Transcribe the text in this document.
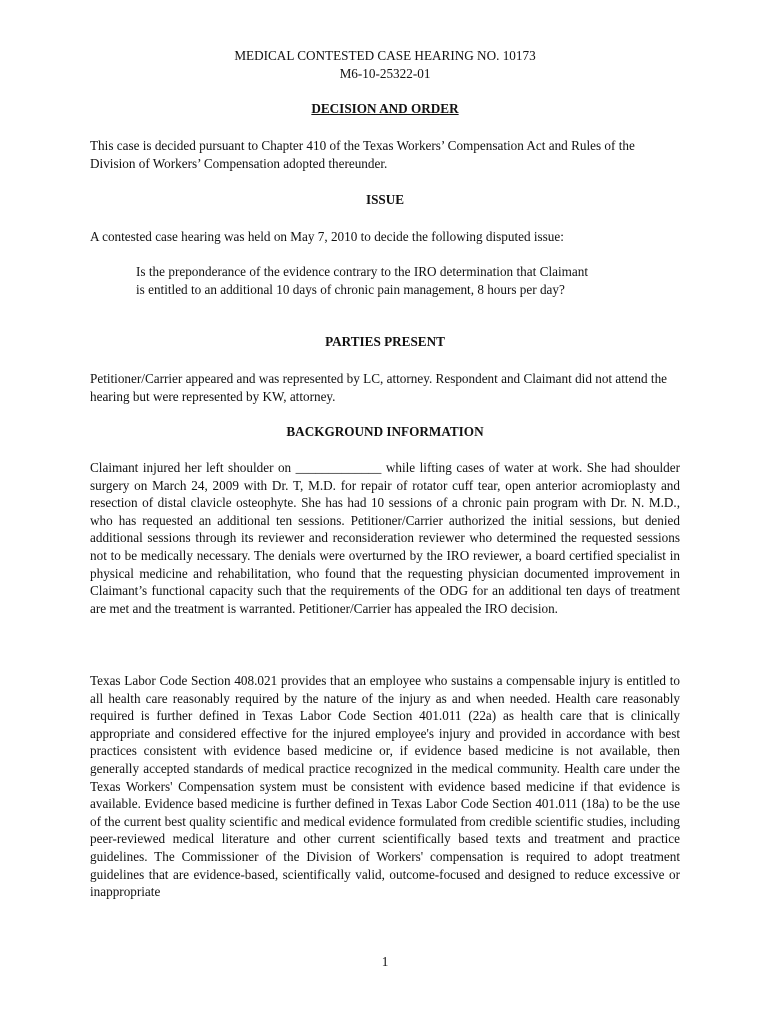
MEDICAL CONTESTED CASE HEARING NO. 10173

M6-10-25322-01

DECISION AND ORDER

This case is decided pursuant to Chapter 410 of the Texas Workers’ Compensation Act and Rules of the Division of Workers’ Compensation adopted thereunder.

ISSUE

A contested case hearing was held on May 7, 2010 to decide the following disputed issue:

Is the preponderance of the evidence contrary to the IRO determination that Claimant is entitled to an additional 10 days of chronic pain management, 8 hours per day?

PARTIES PRESENT

Petitioner/Carrier appeared and was represented by LC, attorney. Respondent and Claimant did not attend the hearing but were represented by KW, attorney.

BACKGROUND INFORMATION

Claimant injured her left shoulder on _____________ while lifting cases of water at work. She had shoulder surgery on March 24, 2009 with Dr. T, M.D. for repair of rotator cuff tear, open anterior acromioplasty and resection of distal clavicle osteophyte. She has had 10 sessions of a chronic pain program with Dr. N. M.D., who has requested an additional ten sessions. Petitioner/Carrier authorized the initial sessions, but denied additional sessions through its reviewer and reconsideration reviewer who determined the requested sessions not to be medically necessary. The denials were overturned by the IRO reviewer, a board certified specialist in physical medicine and rehabilitation, who found that the requesting physician documented improvement in Claimant’s functional capacity such that the requirements of the ODG for an additional ten days of treatment are met and the treatment is warranted. Petitioner/Carrier has appealed the IRO decision.

Texas Labor Code Section 408.021 provides that an employee who sustains a compensable injury is entitled to all health care reasonably required by the nature of the injury as and when needed. Health care reasonably required is further defined in Texas Labor Code Section 401.011 (22a) as health care that is clinically appropriate and considered effective for the injured employee's injury and provided in accordance with best practices consistent with evidence based medicine or, if evidence based medicine is not available, then generally accepted standards of medical practice recognized in the medical community. Health care under the Texas Workers' Compensation system must be consistent with evidence based medicine if that evidence is available. Evidence based medicine is further defined in Texas Labor Code Section 401.011 (18a) to be the use of the current best quality scientific and medical evidence formulated from credible scientific studies, including peer-reviewed medical literature and other current scientifically based texts and treatment and practice guidelines. The Commissioner of the Division of Workers' compensation is required to adopt treatment guidelines that are evidence-based, scientifically valid, outcome-focused and designed to reduce excessive or inappropriate

1
